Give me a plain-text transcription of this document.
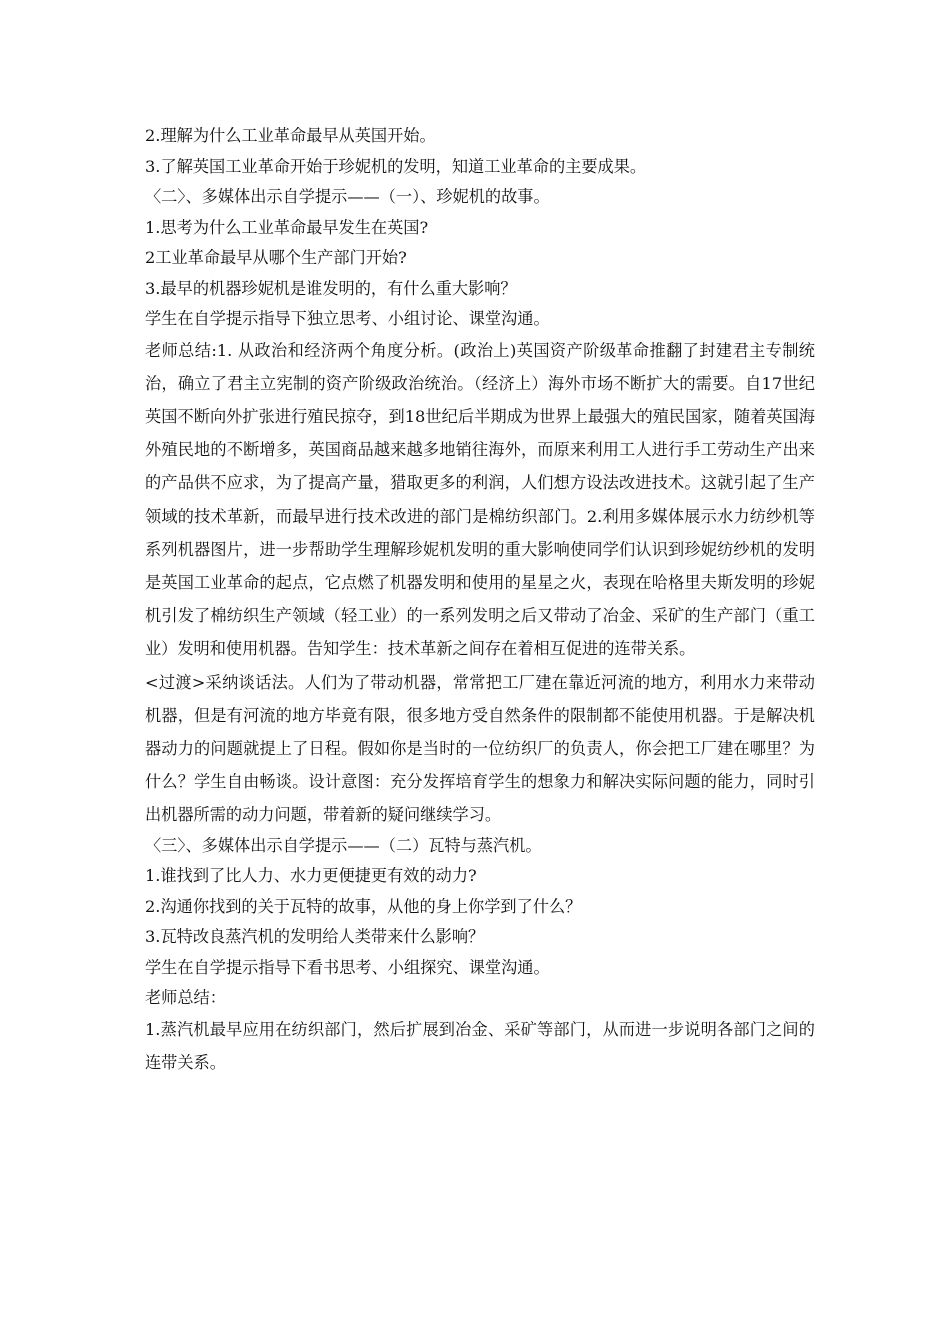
2.理解为什么工业革命最早从英国开始。

3.了解英国工业革命开始于珍妮机的发明，知道工业革命的主要成果。

〈二〉、多媒体出示自学提示——（一）、珍妮机的故事。

1.思考为什么工业革命最早发生在英国?

2工业革命最早从哪个生产部门开始?

3.最早的机器珍妮机是谁发明的，有什么重大影响？

学生在自学提示指导下独立思考、小组讨论、课堂沟通。

老师总结:1. 从政治和经济两个角度分析。(政治上)英国资产阶级革命推翻了封建君主专制统治，确立了君主立宪制的资产阶级政治统治。（经济上）海外市场不断扩大的需要。自17世纪英国不断向外扩张进行殖民掠夺，到18世纪后半期成为世界上最强大的殖民国家，随着英国海外殖民地的不断增多，英国商品越来越多地销往海外，而原来利用工人进行手工劳动生产出来的产品供不应求，为了提高产量，猎取更多的利润，人们想方设法改进技术。这就引起了生产领域的技术革新，而最早进行技术改进的部门是棉纺织部门。2.利用多媒体展示水力纺纱机等系列机器图片，进一步帮助学生理解珍妮机发明的重大影响使同学们认识到珍妮纺纱机的发明是英国工业革命的起点，它点燃了机器发明和使用的星星之火，表现在哈格里夫斯发明的珍妮机引发了棉纺织生产领域（轻工业）的一系列发明之后又带动了冶金、采矿的生产部门（重工业）发明和使用机器。告知学生：技术革新之间存在着相互促进的连带关系。

<过渡>采纳谈话法。人们为了带动机器，常常把工厂建在靠近河流的地方，利用水力来带动机器，但是有河流的地方毕竟有限，很多地方受自然条件的限制都不能使用机器。于是解决机器动力的问题就提上了日程。假如你是当时的一位纺织厂的负责人，你会把工厂建在哪里？为什么？学生自由畅谈。设计意图：充分发挥培育学生的想象力和解决实际问题的能力，同时引出机器所需的动力问题，带着新的疑问继续学习。

〈三〉、多媒体出示自学提示——（二）瓦特与蒸汽机。

1.谁找到了比人力、水力更便捷更有效的动力?

2.沟通你找到的关于瓦特的故事，从他的身上你学到了什么？

3.瓦特改良蒸汽机的发明给人类带来什么影响？

学生在自学提示指导下看书思考、小组探究、课堂沟通。

老师总结：

1.蒸汽机最早应用在纺织部门，然后扩展到冶金、采矿等部门，从而进一步说明各部门之间的连带关系。
